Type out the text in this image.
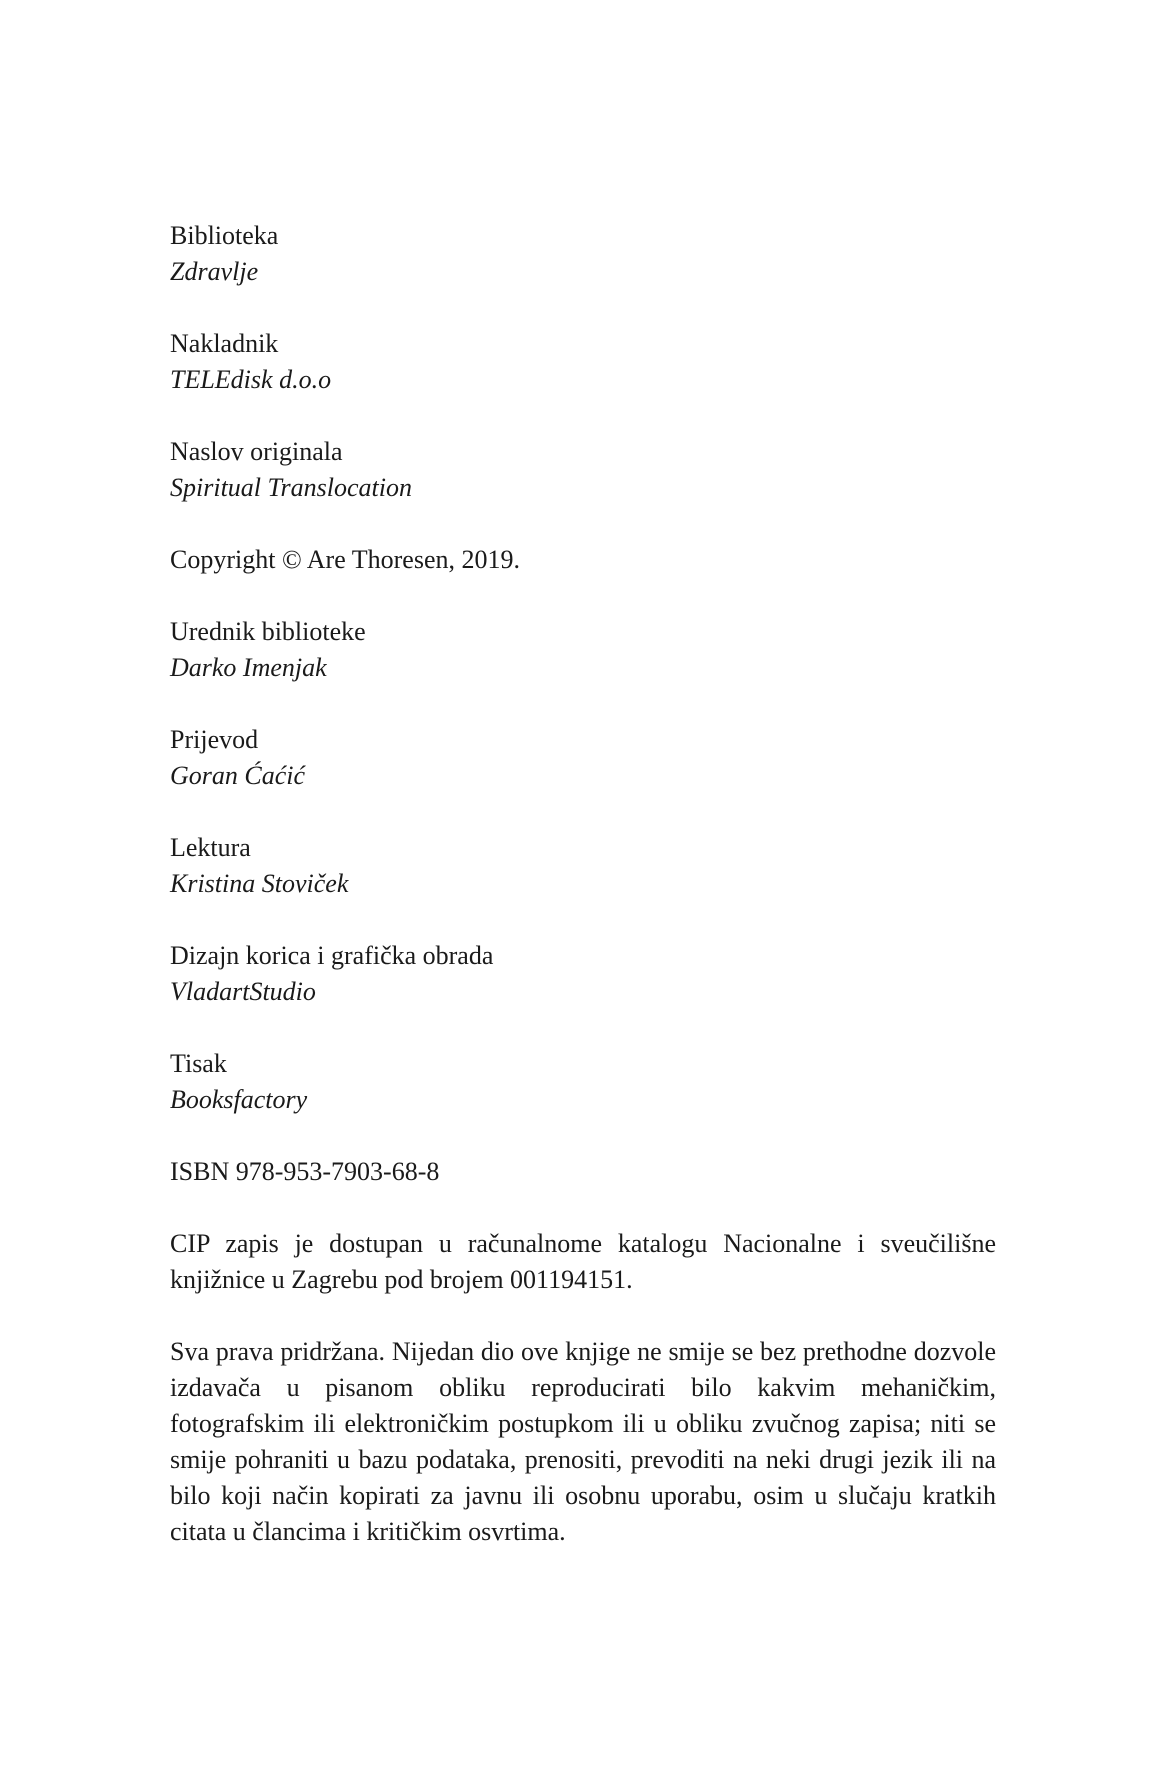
Biblioteka
Zdravlje
Nakladnik
TELEdisk d.o.o
Naslov originala
Spiritual Translocation

Copyright © Are Thoresen, 2019.

Urednik biblioteke
Darko Imenjak
Prijevod
Goran Ćaćić
Lektura
Kristina Stoviček
Dizajn korica i grafička obrada
VladartStudio
Tisak
Booksfactory

ISBN 978-953-7903-68-8

CIP zapis je dostupan u računalnome katalogu Nacionalne i sveučilišne knjižnice u Zagrebu pod brojem 001194151.

Sva prava pridržana. Nijedan dio ove knjige ne smije se bez prethodne dozvole izdavača u pisanom obliku reproducirati bilo kakvim mehaničkim, fotografskim ili elektroničkim postupkom ili u obliku zvučnog zapisa; niti se smije pohraniti u bazu podataka, prenositi, prevoditi na neki drugi jezik ili na bilo koji način kopirati za javnu ili osobnu uporabu, osim u slučaju kratkih citata u člancima i kritičkim osvrtima.
